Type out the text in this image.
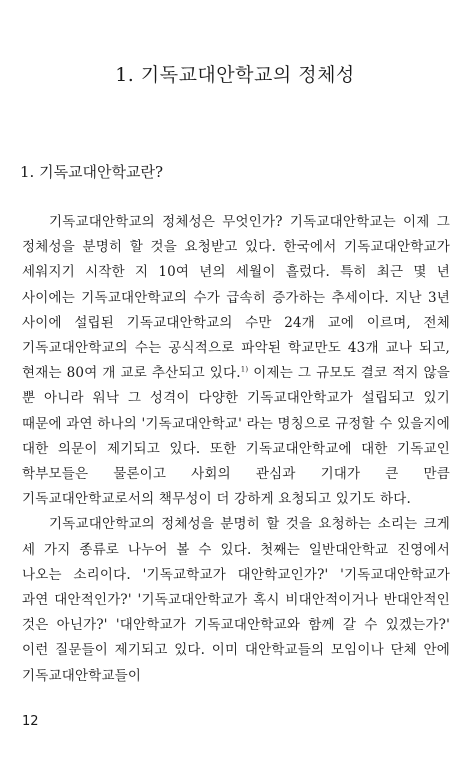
1. 기독교대안학교의 정체성
1. 기독교대안학교란?

기독교대안학교의 정체성은 무엇인가? 기독교대안학교는 이제 그 정체성을 분명히 할 것을 요청받고 있다. 한국에서 기독교대안학교가 세워지기 시작한 지 10여 년의 세월이 흘렀다. 특히 최근 몇 년 사이에는 기독교대안학교의 수가 급속히 증가하는 추세이다. 지난 3년 사이에 설립된 기독교대안학교의 수만 24개 교에 이르며, 전체 기독교대안학교의 수는 공식적으로 파악된 학교만도 43개 교나 되고, 현재는 80여 개 교로 추산되고 있다.$^{1)}$ 이제는 그 규모도 결코 적지 않을 뿐 아니라 워낙 그 성격이 다양한 기독교대안학교가 설립되고 있기 때문에 과연 하나의 '기독교대안학교' 라는 명칭으로 규정할 수 있을지에 대한 의문이 제기되고 있다. 또한 기독교대안학교에 대한 기독교인 학부모들은 물론이고 사회의 관심과 기대가 큰 만큼 기독교대안학교로서의 책무성이 더 강하게 요청되고 있기도 하다.

기독교대안학교의 정체성을 분명히 할 것을 요청하는 소리는 크게 세 가지 종류로 나누어 볼 수 있다. 첫째는 일반대안학교 진영에서 나오는 소리이다. '기독교학교가 대안학교인가?' '기독교대안학교가 과연 대안적인가?' '기독교대안학교가 혹시 비대안적이거나 반대안적인 것은 아닌가?' '대안학교가 기독교대안학교와 함께 갈 수 있겠는가?' 이런 질문들이 제기되고 있다. 이미 대안학교들의 모임이나 단체 안에 기독교대안학교들이

12
